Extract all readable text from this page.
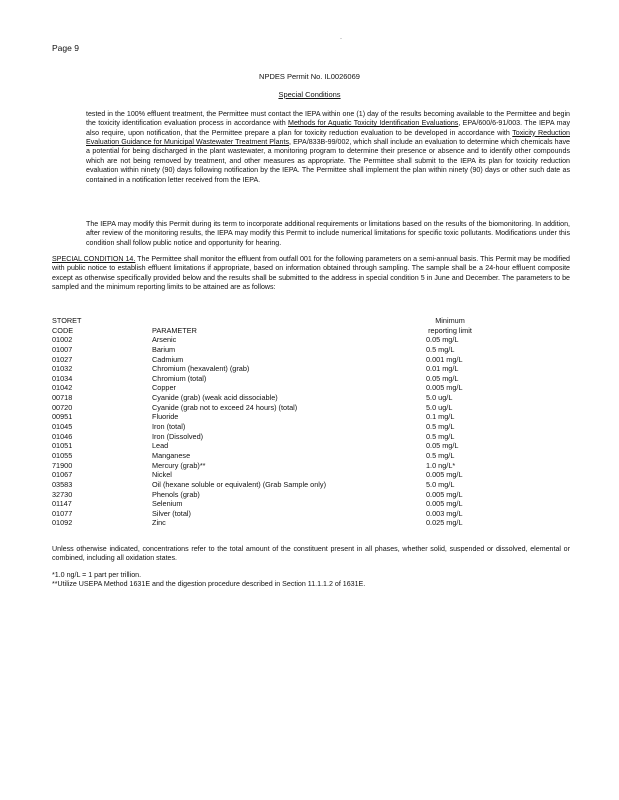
·
Page 9
NPDES Permit No. IL0026069
Special Conditions

tested in the 100% effluent treatment, the Permittee must contact the IEPA within one (1) day of the results becoming available to the Permittee and begin the toxicity identification evaluation process in accordance with Methods for Aquatic Toxicity Identification Evaluations, EPA/600/6-91/003. The IEPA may also require, upon notification, that the Permittee prepare a plan for toxicity reduction evaluation to be developed in accordance with Toxicity Reduction Evaluation Guidance for Municipal Wastewater Treatment Plants, EPA/833B-99/002, which shall include an evaluation to determine which chemicals have a potential for being discharged in the plant wastewater, a monitoring program to determine their presence or absence and to identify other compounds which are not being removed by treatment, and other measures as appropriate. The Permittee shall submit to the IEPA its plan for toxicity reduction evaluation within ninety (90) days following notification by the IEPA. The Permittee shall implement the plan within ninety (90) days or other such date as contained in a notification letter received from the IEPA.

The IEPA may modify this Permit during its term to incorporate additional requirements or limitations based on the results of the biomonitoring. In addition, after review of the monitoring results, the IEPA may modify this Permit to include numerical limitations for specific toxic pollutants. Modifications under this condition shall follow public notice and opportunity for hearing.

SPECIAL CONDITION 14. The Permittee shall monitor the effluent from outfall 001 for the following parameters on a semi-annual basis. This Permit may be modified with public notice to establish effluent limitations if appropriate, based on information obtained through sampling. The sample shall be a 24-hour effluent composite except as otherwise specifically provided below and the results shall be submitted to the address in special condition 5 in June and December. The parameters to be sampled and the minimum reporting limits to be attained are as follows:

STORET	Minimum
CODE	PARAMETER	reporting limit
01002	Arsenic	0.05 mg/L
01007	Barium	0.5 mg/L
01027	Cadmium	0.001 mg/L
01032	Chromium (hexavalent) (grab)	0.01 mg/L
01034	Chromium (total)	0.05 mg/L
01042	Copper	0.005 mg/L
00718	Cyanide (grab) (weak acid dissociable)	5.0 ug/L
00720	Cyanide (grab not to exceed 24 hours) (total)	5.0 ug/L
00951	Fluoride	0.1 mg/L
01045	Iron (total)	0.5 mg/L
01046	Iron (Dissolved)	0.5 mg/L
01051	Lead	0.05 mg/L
01055	Manganese	0.5 mg/L
71900	Mercury (grab)**	1.0 ng/L*
01067	Nickel	0.005 mg/L
03583	Oil (hexane soluble or equivalent) (Grab Sample only)	5.0 mg/L
32730	Phenols (grab)	0.005 mg/L
01147	Selenium	0.005 mg/L
01077	Silver (total)	0.003 mg/L
01092	Zinc	0.025 mg/L

Unless otherwise indicated, concentrations refer to the total amount of the constituent present in all phases, whether solid, suspended or dissolved, elemental or combined, including all oxidation states.

*1.0 ng/L = 1 part per trillion.
**Utilize USEPA Method 1631E and the digestion procedure described in Section 11.1.1.2 of 1631E.
